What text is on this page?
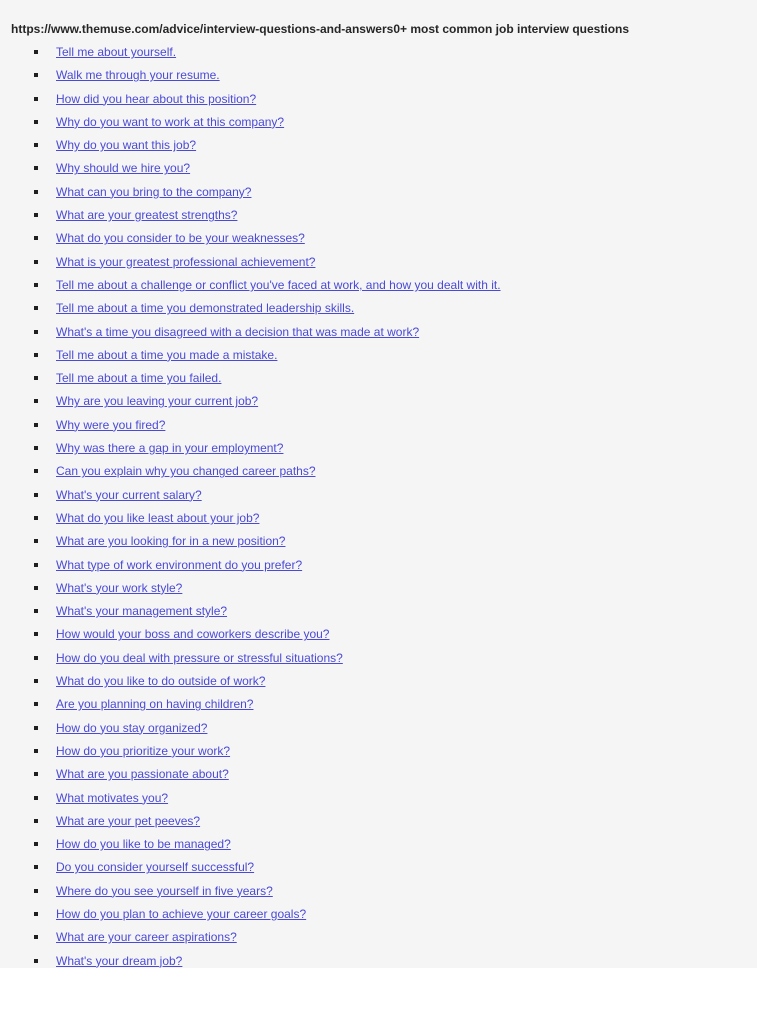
https://www.themuse.com/advice/interview-questions-and-answers0+ most common job interview questions
Tell me about yourself.
Walk me through your resume.
How did you hear about this position?
Why do you want to work at this company?
Why do you want this job?
Why should we hire you?
What can you bring to the company?
What are your greatest strengths?
What do you consider to be your weaknesses?
What is your greatest professional achievement?
Tell me about a challenge or conflict you've faced at work, and how you dealt with it.
Tell me about a time you demonstrated leadership skills.
What's a time you disagreed with a decision that was made at work?
Tell me about a time you made a mistake.
Tell me about a time you failed.
Why are you leaving your current job?
Why were you fired?
Why was there a gap in your employment?
Can you explain why you changed career paths?
What's your current salary?
What do you like least about your job?
What are you looking for in a new position?
What type of work environment do you prefer?
What's your work style?
What's your management style?
How would your boss and coworkers describe you?
How do you deal with pressure or stressful situations?
What do you like to do outside of work?
Are you planning on having children?
How do you stay organized?
How do you prioritize your work?
What are you passionate about?
What motivates you?
What are your pet peeves?
How do you like to be managed?
Do you consider yourself successful?
Where do you see yourself in five years?
How do you plan to achieve your career goals?
What are your career aspirations?
What's your dream job?
